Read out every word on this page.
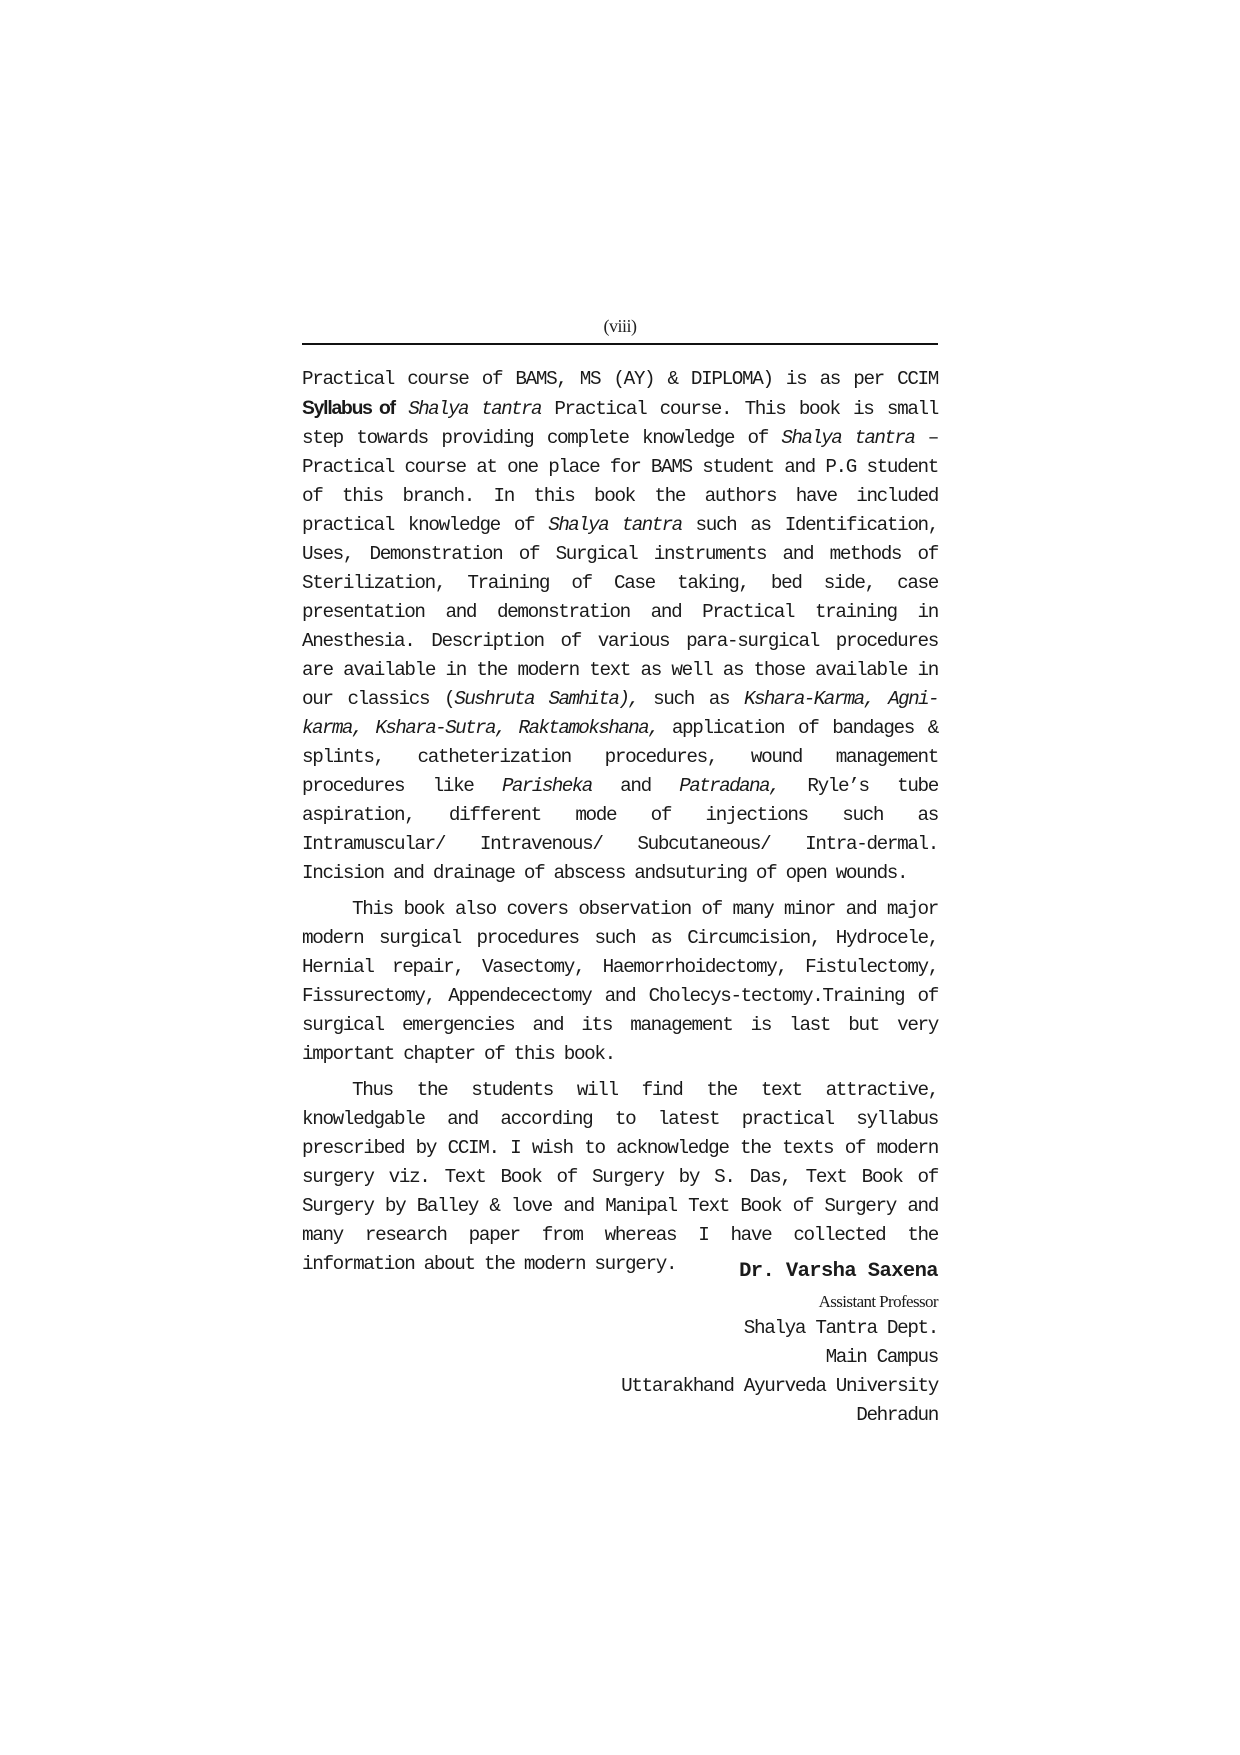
(viii)

Practical course of BAMS, MS (AY) & DIPLOMA) is as per CCIM Syllabus of Shalya tantra Practical course. This book is small step towards providing complete knowledge of Shalya tantra – Practical course at one place for BAMS student and P.G student of this branch. In this book the authors have included practical knowledge of Shalya tantra such as Identification, Uses, Demonstration of Surgical instruments and methods of Sterilization, Training of Case taking, bed side, case presentation and demonstration and Practical training in Anesthesia. Description of various para-surgical procedures are available in the modern text as well as those available in our classics (Sushruta Samhita), such as Kshara-Karma, Agni-karma, Kshara-Sutra, Raktamokshana, application of bandages & splints, catheterization procedures, wound management procedures like Parisheka and Patradana, Ryle’s tube aspiration, different mode of injections such as Intramuscular/ Intravenous/ Subcutaneous/ Intra-dermal. Incision and drainage of abscess andsuturing of open wounds.

This book also covers observation of many minor and major modern surgical procedures such as Circumcision, Hydrocele, Hernial repair, Vasectomy, Haemorrhoidectomy, Fistulectomy, Fissurectomy, Appendecectomy and Cholecys-tectomy.Training of surgical emergencies and its management is last but very important chapter of this book.

Thus the students will find the text attractive, knowledgable and according to latest practical syllabus prescribed by CCIM. I wish to acknowledge the texts of modern surgery viz. Text Book of Surgery by S. Das, Text Book of Surgery by Balley & love and Manipal Text Book of Surgery and many research paper from whereas I have collected the information about the modern surgery.	Dr. Varsha Saxena
Assistant Professor
Shalya Tantra Dept.
Main Campus
Uttarakhand Ayurveda University
Dehradun
